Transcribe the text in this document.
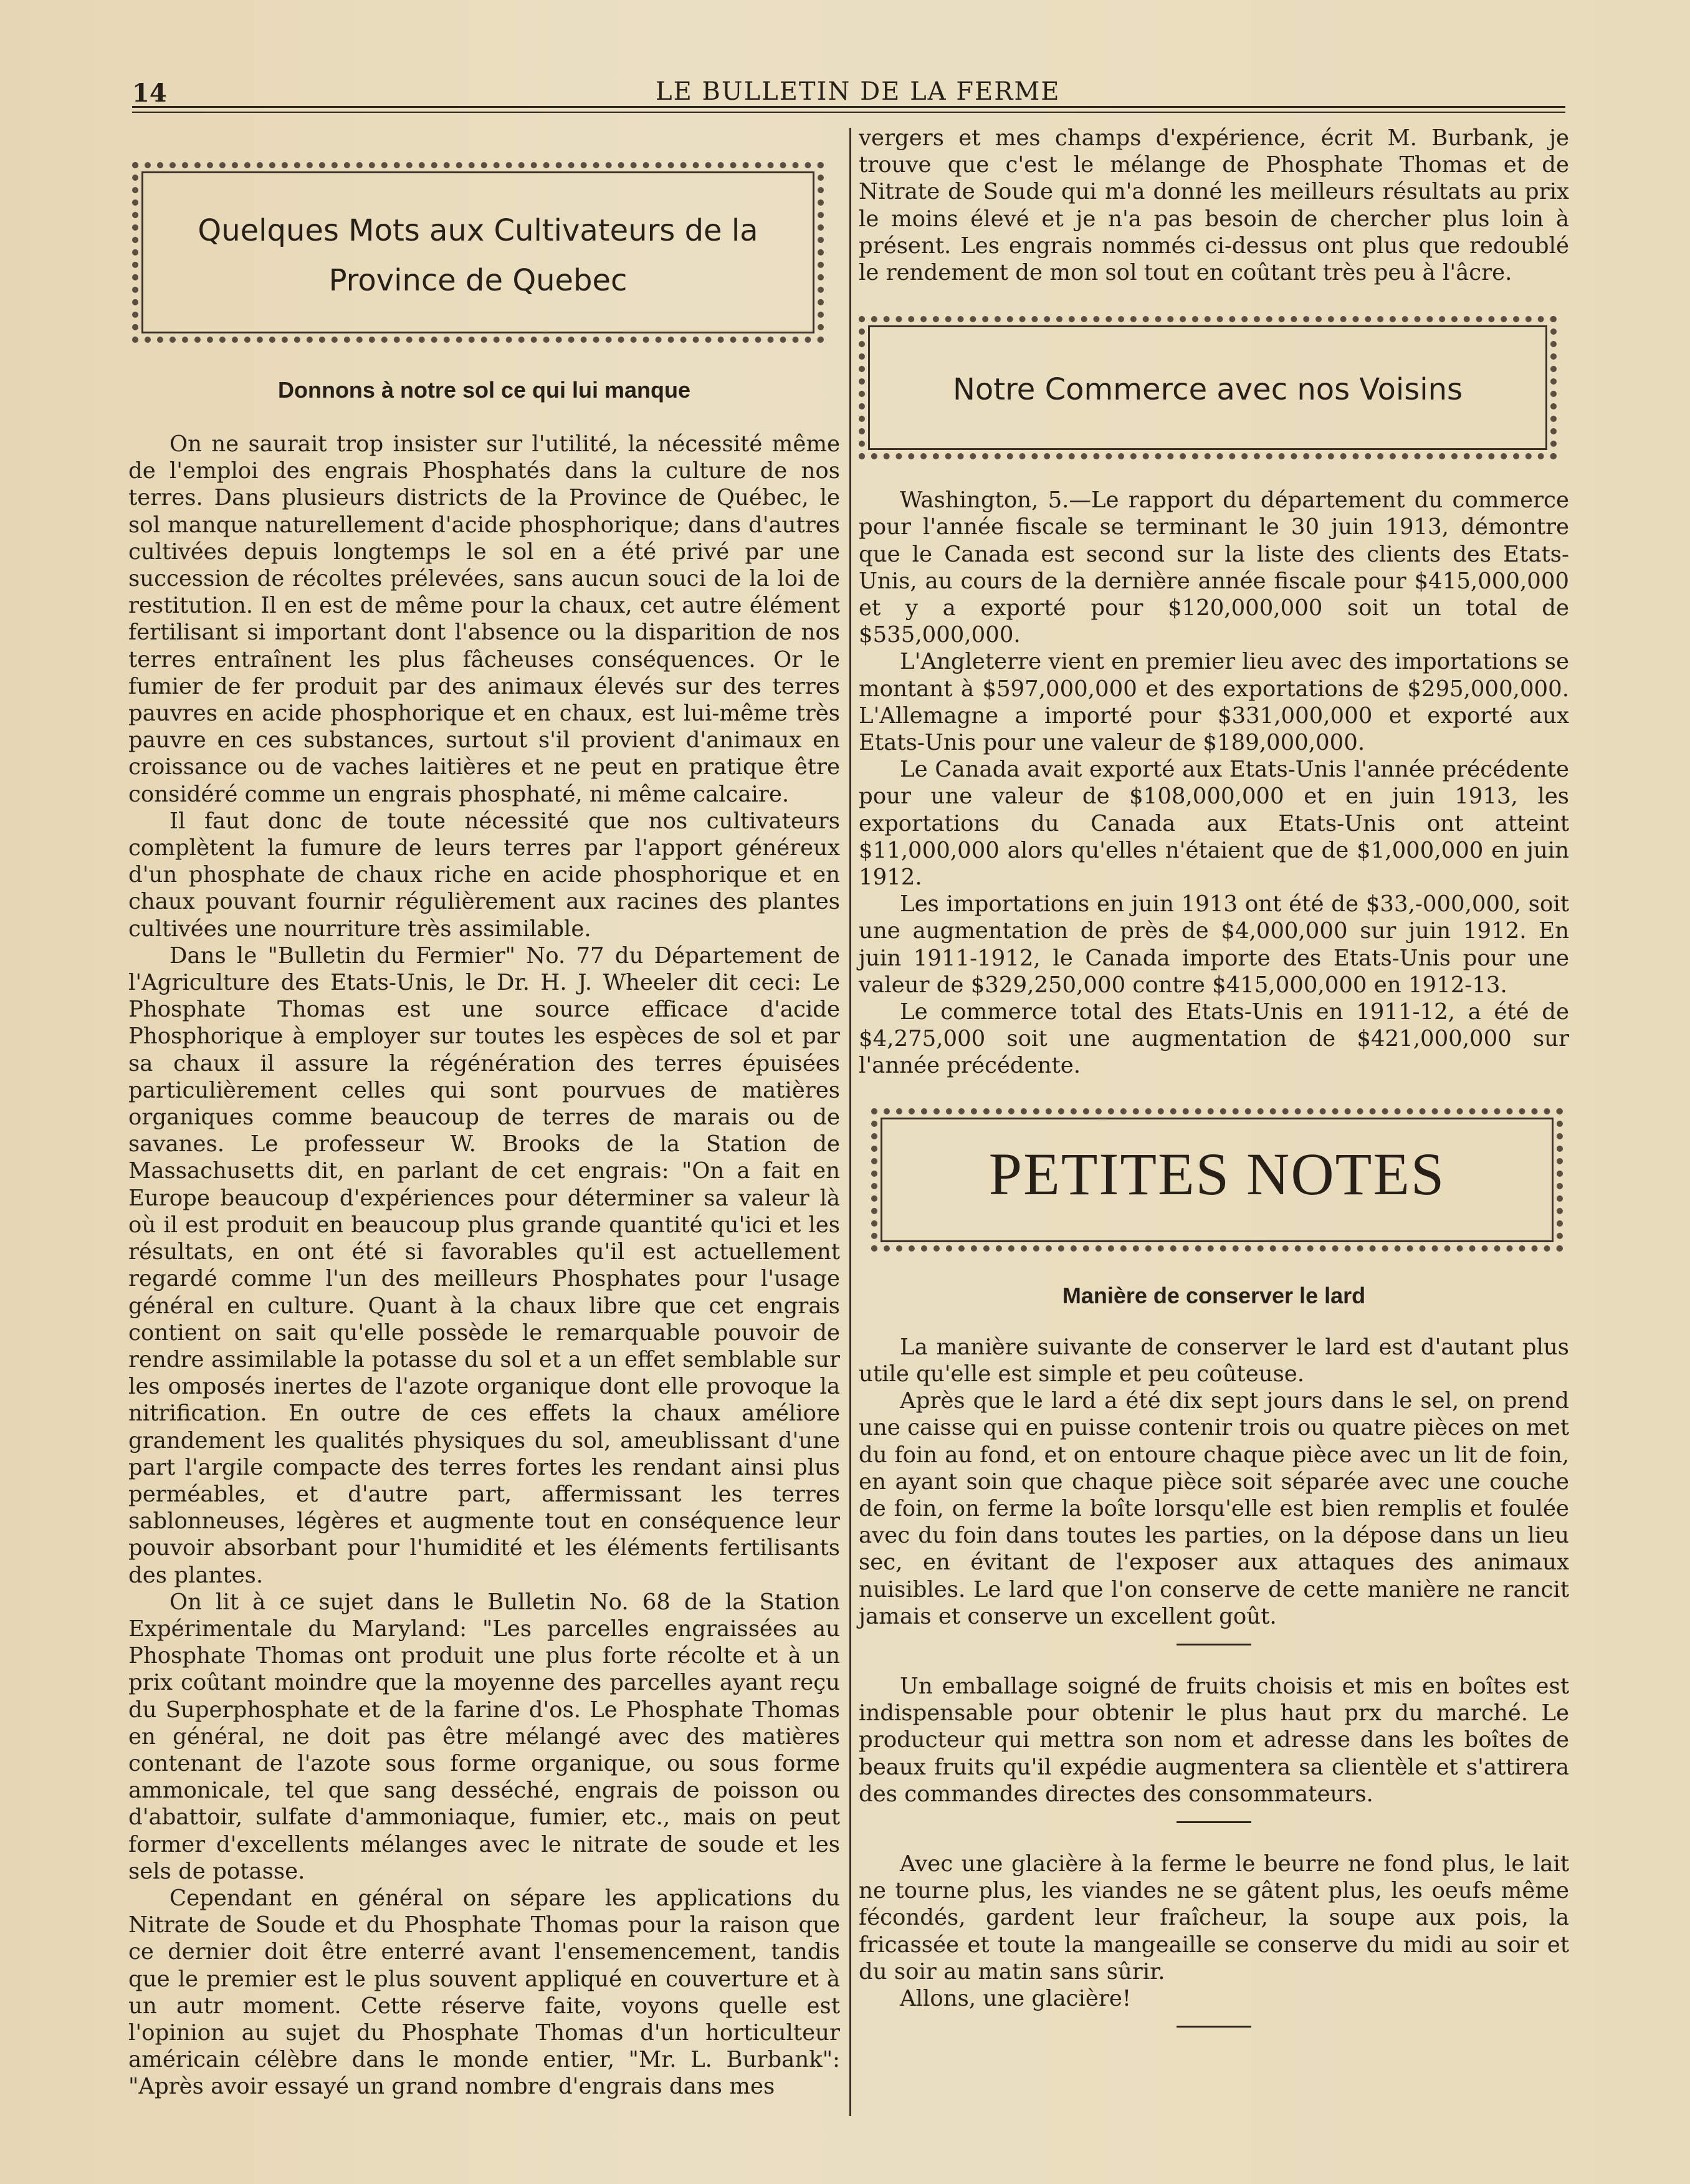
14	LE BULLETIN DE LA FERME
Quelques Mots aux Cultivateurs de la
Province de Quebec
Donnons à notre sol ce qui lui manque

On ne saurait trop insister sur l'utilité, la nécessité même de l'emploi des engrais Phosphatés dans la culture de nos terres. Dans plusieurs districts de la Province de Québec, le sol manque naturellement d'acide phosphorique; dans d'autres cultivées depuis longtemps le sol en a été privé par une succession de récoltes prélevées, sans aucun souci de la loi de restitution. Il en est de même pour la chaux, cet autre élément fertilisant si important dont l'absence ou la disparition de nos terres entraînent les plus fâcheuses conséquences. Or le fumier de fer produit par des animaux élevés sur des terres pauvres en acide phosphorique et en chaux, est lui-même très pauvre en ces substances, surtout s'il provient d'animaux en croissance ou de vaches laitières et ne peut en pratique être considéré comme un engrais phosphaté, ni même calcaire.

Il faut donc de toute nécessité que nos cultivateurs complètent la fumure de leurs terres par l'apport généreux d'un phosphate de chaux riche en acide phosphorique et en chaux pouvant fournir régulièrement aux racines des plantes cultivées une nourriture très assimilable.

Dans le "Bulletin du Fermier" No. 77 du Département de l'Agriculture des Etats-Unis, le Dr. H. J. Wheeler dit ceci: Le Phosphate Thomas est une source efficace d'acide Phosphorique à employer sur toutes les espèces de sol et par sa chaux il assure la régénération des terres épuisées particulièrement celles qui sont pourvues de matières organiques comme beaucoup de terres de marais ou de savanes. Le professeur W. Brooks de la Station de Massachusetts dit, en parlant de cet engrais: "On a fait en Europe beaucoup d'expériences pour déterminer sa valeur là où il est produit en beaucoup plus grande quantité qu'ici et les résultats, en ont été si favorables qu'il est actuellement regardé comme l'un des meilleurs Phosphates pour l'usage général en culture. Quant à la chaux libre que cet engrais contient on sait qu'elle possède le remarquable pouvoir de rendre assimilable la potasse du sol et a un effet semblable sur les omposés inertes de l'azote organique dont elle provoque la nitrification. En outre de ces effets la chaux améliore grandement les qualités physiques du sol, ameublissant d'une part l'argile compacte des terres fortes les rendant ainsi plus perméables, et d'autre part, affermissant les terres sablonneuses, légères et augmente tout en conséquence leur pouvoir absorbant pour l'humidité et les éléments fertilisants des plantes.

On lit à ce sujet dans le Bulletin No. 68 de la Station Expérimentale du Maryland: "Les parcelles engraissées au Phosphate Thomas ont produit une plus forte récolte et à un prix coûtant moindre que la moyenne des parcelles ayant reçu du Superphosphate et de la farine d'os. Le Phosphate Thomas en général, ne doit pas être mélangé avec des matières contenant de l'azote sous forme organique, ou sous forme ammonicale, tel que sang desséché, engrais de poisson ou d'abattoir, sulfate d'ammoniaque, fumier, etc., mais on peut former d'excellents mélanges avec le nitrate de soude et les sels de potasse.

Cependant en général on sépare les applications du Nitrate de Soude et du Phosphate Thomas pour la raison que ce dernier doit être enterré avant l'ensemencement, tandis que le premier est le plus souvent appliqué en couverture et à un autr moment. Cette réserve faite, voyons quelle est l'opinion au sujet du Phosphate Thomas d'un horticulteur américain célèbre dans le monde entier, "Mr. L. Burbank": "Après avoir essayé un grand nombre d'engrais dans mes

vergers et mes champs d'expérience, écrit M. Burbank, je trouve que c'est le mélange de Phosphate Thomas et de Nitrate de Soude qui m'a donné les meilleurs résultats au prix le moins élevé et je n'a pas besoin de chercher plus loin à présent. Les engrais nommés ci-dessus ont plus que redoublé le rendement de mon sol tout en coûtant très peu à l'âcre.

Notre Commerce avec nos Voisins

Washington, 5.—Le rapport du département du commerce pour l'année fiscale se terminant le 30 juin 1913, démontre que le Canada est second sur la liste des clients des Etats-Unis, au cours de la dernière année fiscale pour $415,000,000 et y a exporté pour $120,000,000 soit un total de $535,000,000.

L'Angleterre vient en premier lieu avec des importations se montant à $597,000,000 et des exportations de $295,000,000. L'Allemagne a importé pour $331,000,000 et exporté aux Etats-Unis pour une valeur de $189,000,000.

Le Canada avait exporté aux Etats-Unis l'année précédente pour une valeur de $108,000,000 et en juin 1913, les exportations du Canada aux Etats-Unis ont atteint $11,000,000 alors qu'elles n'étaient que de $1,000,000 en juin 1912.

Les importations en juin 1913 ont été de $33,-000,000, soit une augmentation de près de $4,000,000 sur juin 1912. En juin 1911-1912, le Canada importe des Etats-Unis pour une valeur de $329,250,000 contre $415,000,000 en 1912-13.

Le commerce total des Etats-Unis en 1911-12, a été de $4,275,000 soit une augmentation de $421,000,000 sur l'année précédente.

PETITES NOTES
Manière de conserver le lard

La manière suivante de conserver le lard est d'autant plus utile qu'elle est simple et peu coûteuse.

Après que le lard a été dix sept jours dans le sel, on prend une caisse qui en puisse contenir trois ou quatre pièces on met du foin au fond, et on entoure chaque pièce avec un lit de foin, en ayant soin que chaque pièce soit séparée avec une couche de foin, on ferme la boîte lorsqu'elle est bien remplis et foulée avec du foin dans toutes les parties, on la dépose dans un lieu sec, en évitant de l'exposer aux attaques des animaux nuisibles. Le lard que l'on conserve de cette manière ne rancit jamais et conserve un excellent goût.

Un emballage soigné de fruits choisis et mis en boîtes est indispensable pour obtenir le plus haut prx du marché. Le producteur qui mettra son nom et adresse dans les boîtes de beaux fruits qu'il expédie augmentera sa clientèle et s'attirera des commandes directes des consommateurs.

Avec une glacière à la ferme le beurre ne fond plus, le lait ne tourne plus, les viandes ne se gâtent plus, les oeufs même fécondés, gardent leur fraîcheur, la soupe aux pois, la fricassée et toute la mangeaille se conserve du midi au soir et du soir au matin sans sûrir.

Allons, une glacière!
